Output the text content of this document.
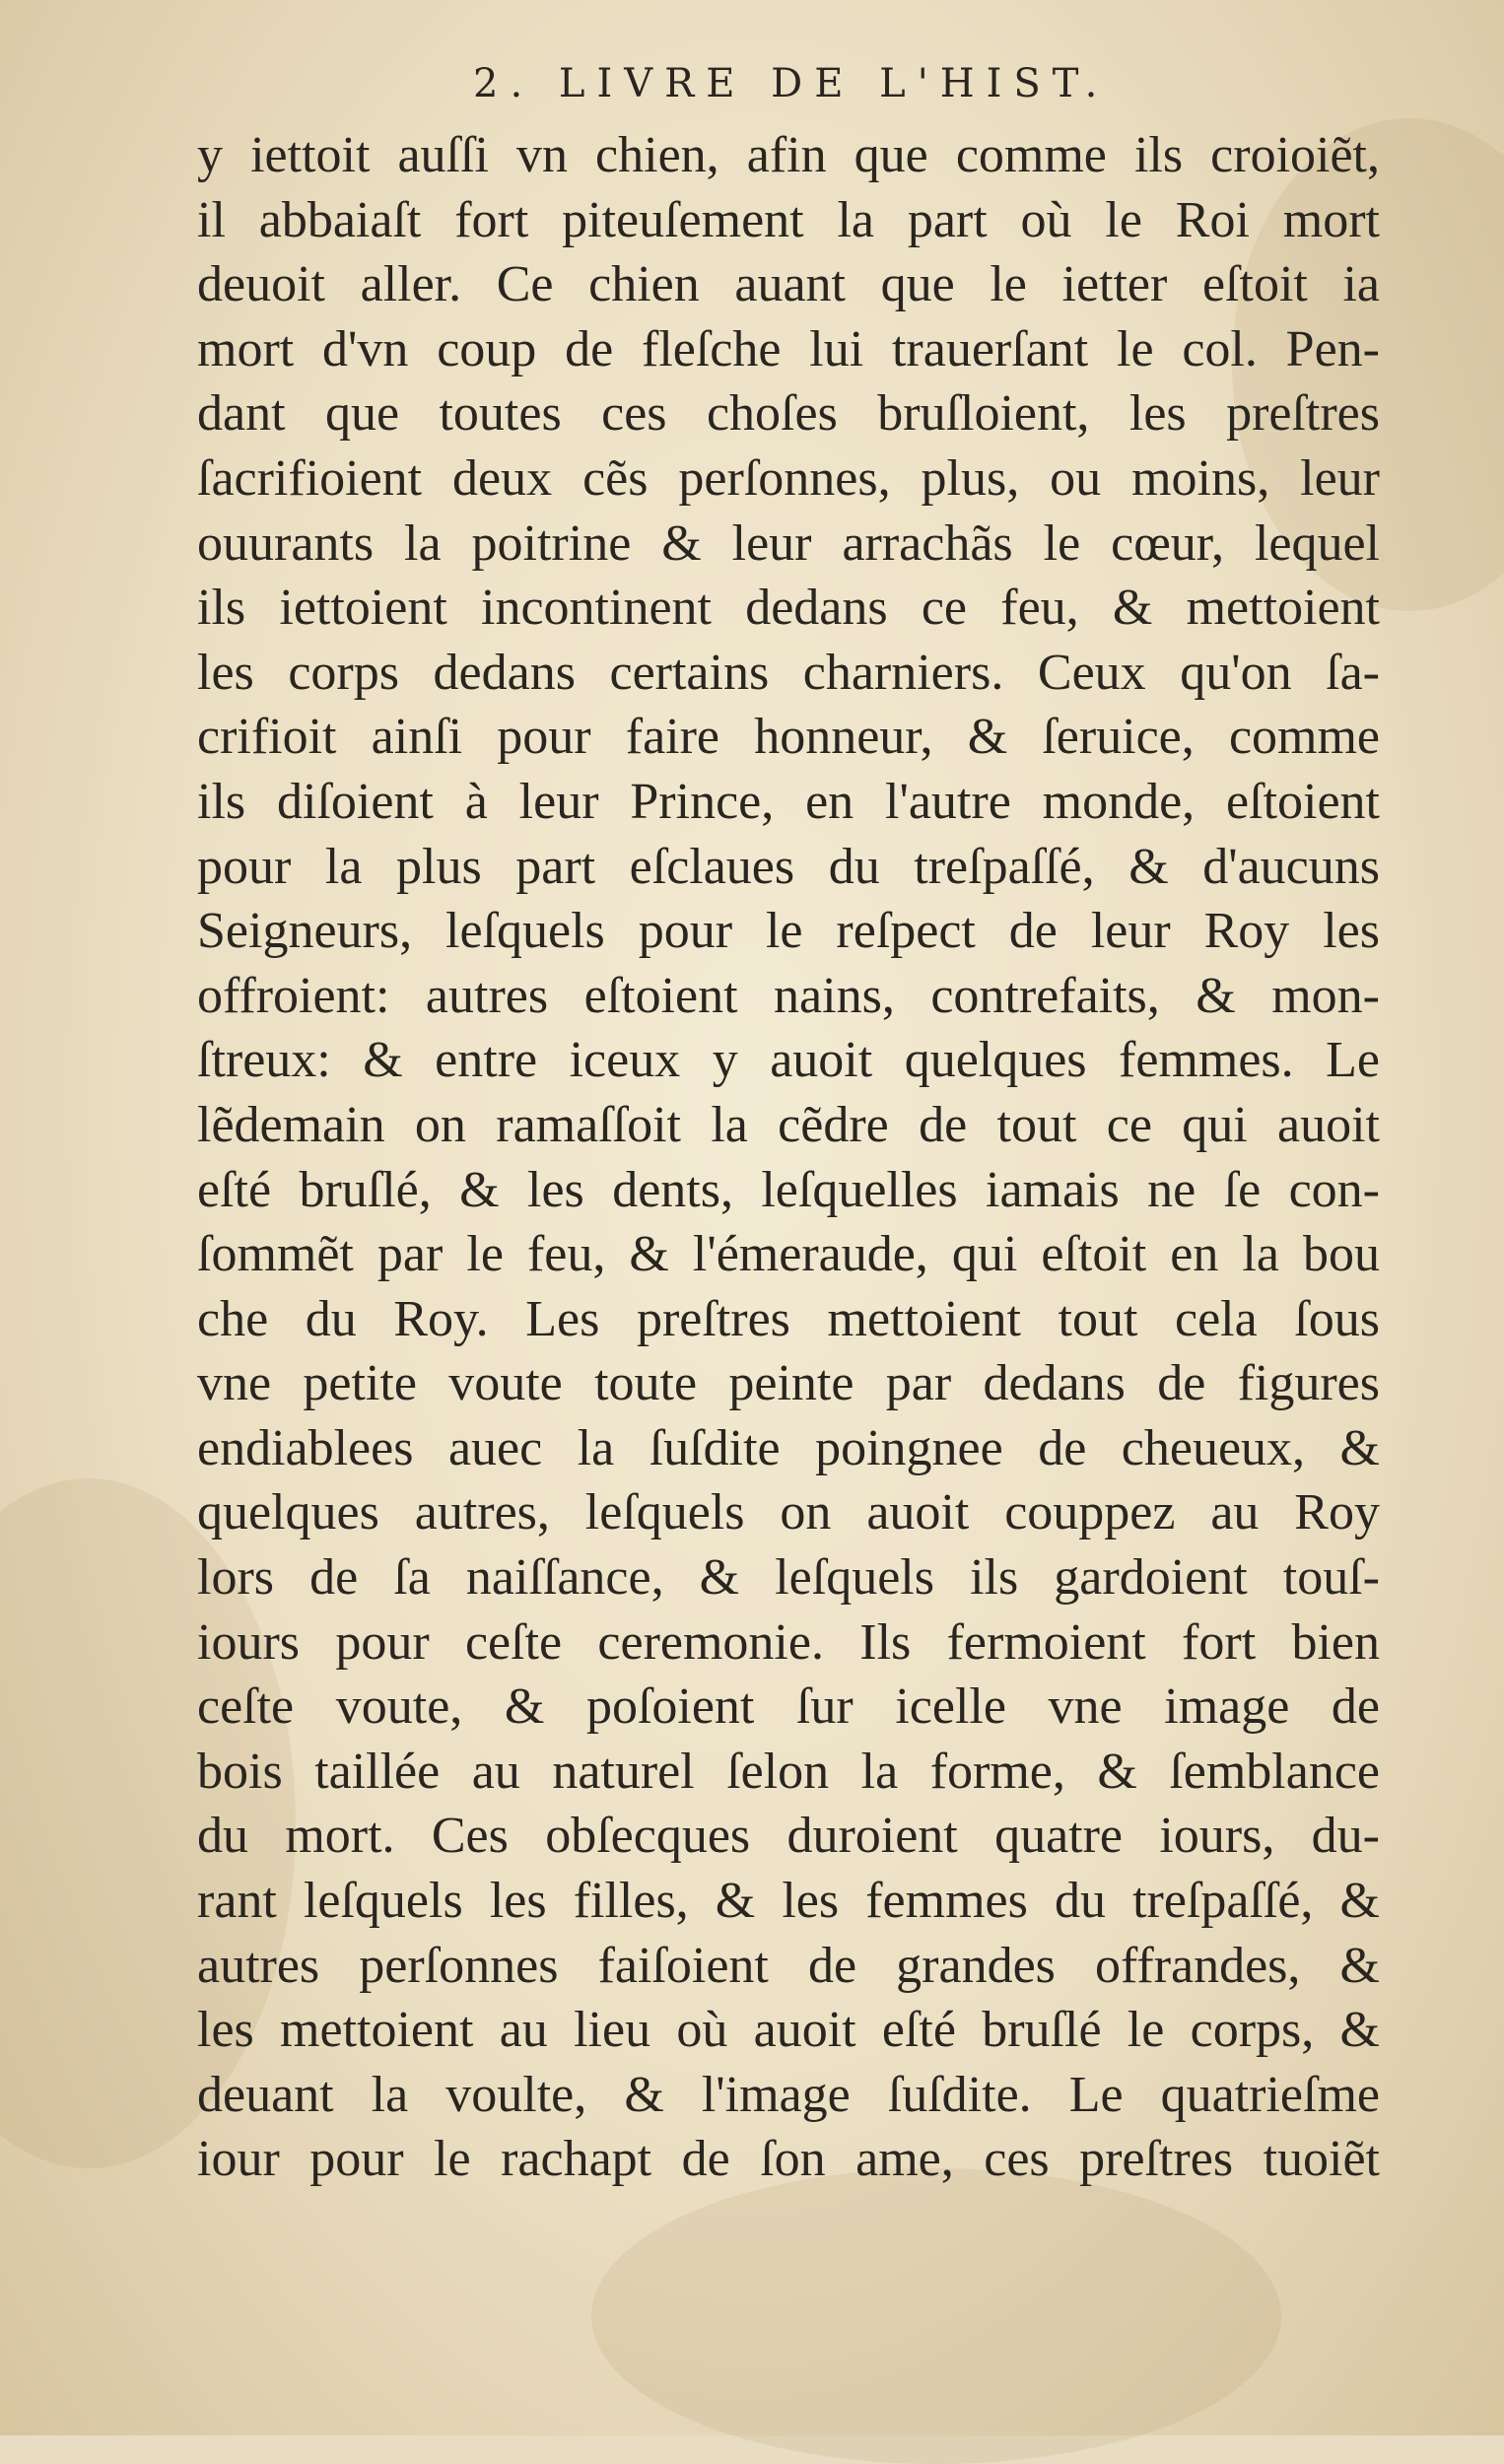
2. LIVRE DE L'HIST.
y iettoit auſſi vn chien, afin que comme ils croioiẽt,
il abbaiaſt fort piteuſement la part où le Roi mort
deuoit aller. Ce chien auant que le ietter eſtoit ia
mort d'vn coup de fleſche lui trauerſant le col. Pen-
dant que toutes ces choſes bruſloient, les preſtres
ſacrifioient deux cẽs perſonnes, plus, ou moins, leur
ouurants la poitrine & leur arrachãs le cœur, lequel
ils iettoient incontinent dedans ce feu, & mettoient
les corps dedans certains charniers. Ceux qu'on ſa-
crifioit ainſi pour faire honneur, & ſeruice, comme
ils diſoient à leur Prince, en l'autre monde, eſtoient
pour la plus part eſclaues du treſpaſſé, & d'aucuns
Seigneurs, leſquels pour le reſpect de leur Roy les
offroient: autres eſtoient nains, contrefaits, & mon-
ſtreux: & entre iceux y auoit quelques femmes. Le
lẽdemain on ramaſſoit la cẽdre de tout ce qui auoit
eſté bruſlé, & les dents, leſquelles iamais ne ſe con-
ſommẽt par le feu, & l'émeraude, qui eſtoit en la bou
che du Roy. Les preſtres mettoient tout cela ſous
vne petite voute toute peinte par dedans de figures
endiablees auec la ſuſdite poingnee de cheueux, &
quelques autres, leſquels on auoit couppez au Roy
lors de ſa naiſſance, & leſquels ils gardoient touſ-
iours pour ceſte ceremonie. Ils fermoient fort bien
ceſte voute, & poſoient ſur icelle vne image de
bois taillée au naturel ſelon la forme, & ſemblance
du mort. Ces obſecques duroient quatre iours, du-
rant leſquels les filles, & les femmes du treſpaſſé, &
autres perſonnes faiſoient de grandes offrandes, &
les mettoient au lieu où auoit eſté bruſlé le corps, &
deuant la voulte, & l'image ſuſdite. Le quatrieſme
iour pour le rachapt de ſon ame, ces preſtres tuoiẽt
